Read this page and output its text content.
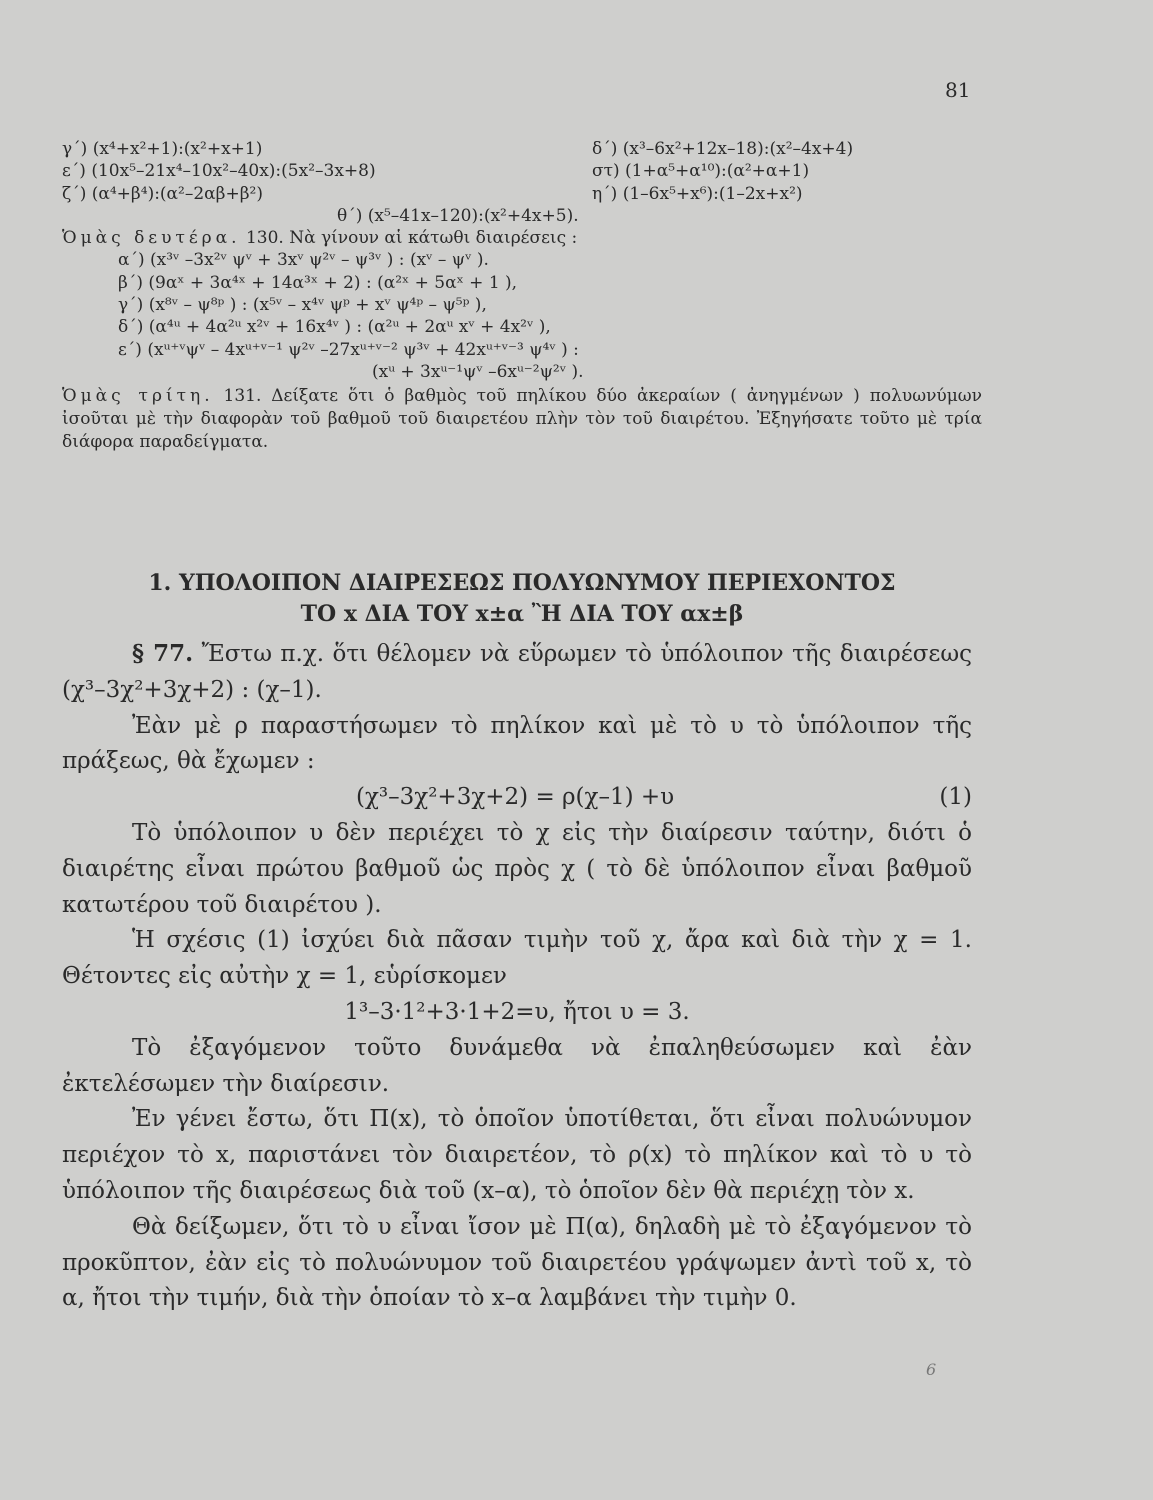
81
γ΄) (x⁴+x²+1):(x²+x+1)	δ΄) (x³–6x²+12x–18):(x²–4x+4)
ε΄) (10x⁵–21x⁴–10x²–40x):(5x²–3x+8)	στ) (1+α⁵+α¹⁰):(α²+α+1)
ζ΄) (α⁴+β⁴):(α²–2αβ+β²)	η΄) (1–6x⁵+x⁶):(1–2x+x²)
θ΄) (x⁵–41x–120):(x²+4x+5).
Ὁμὰς δευτέρα. 130. Νὰ γίνουν αἱ κάτωθι διαιρέσεις :
α΄) (x³ᵛ –3x²ᵛ ψᵛ + 3xᵛ ψ²ᵛ – ψ³ᵛ ) : (xᵛ – ψᵛ ).
β΄) (9αˣ + 3α⁴ˣ + 14α³ˣ + 2) : (α²ˣ + 5αˣ + 1 ),
γ΄) (x⁸ᵛ – ψ⁸ᵖ ) : (x⁵ᵛ – x⁴ᵛ ψᵖ + xᵛ ψ⁴ᵖ – ψ⁵ᵖ ),
δ΄) (α⁴ᵘ + 4α²ᵘ x²ᵛ + 16x⁴ᵛ ) : (α²ᵘ + 2αᵘ xᵛ + 4x²ᵛ ),
ε΄) (xᵘ⁺ᵛψᵛ – 4xᵘ⁺ᵛ⁻¹ ψ²ᵛ –27xᵘ⁺ᵛ⁻² ψ³ᵛ + 42xᵘ⁺ᵛ⁻³ ψ⁴ᵛ ) :
(xᵘ + 3xᵘ⁻¹ψᵛ –6xᵘ⁻²ψ²ᵛ ).
Ὁμὰς τρίτη. 131. Δείξατε ὅτι ὁ βαθμὸς τοῦ πηλίκου δύο ἀκεραίων ( ἀνηγμένων ) πολυωνύμων ἰσοῦται μὲ τὴν διαφορὰν τοῦ βαθμοῦ τοῦ διαιρετέου πλὴν τὸν τοῦ διαιρέτου. Ἐξηγήσατε τοῦτο μὲ τρία διάφορα παραδείγματα.
1. ΥΠΟΛΟΙΠΟΝ ΔΙΑΙΡΕΣΕΩΣ ΠΟΛΥΩΝΥΜΟΥ ΠΕΡΙΕΧΟΝΤΟΣ
ΤΟ x ΔΙΑ ΤΟΥ x±α Ἢ ΔΙΑ ΤΟΥ αx±β

§ 77. Ἔστω π.χ. ὅτι θέλομεν νὰ εὕρωμεν τὸ ὑπόλοιπον τῆς διαιρέσεως (χ³–3χ²+3χ+2) : (χ–1).

Ἐὰν μὲ ρ παραστήσωμεν τὸ πηλίκον καὶ μὲ τὸ υ τὸ ὑπόλοιπον τῆς πράξεως, θὰ ἔχωμεν :

(χ³–3χ²+3χ+2) = ρ(χ–1) +υ	(1)

Τὸ ὑπόλοιπον υ δὲν περιέχει τὸ χ εἰς τὴν διαίρεσιν ταύτην, διότι ὁ διαιρέτης εἶναι πρώτου βαθμοῦ ὡς πρὸς χ ( τὸ δὲ ὑπόλοιπον εἶναι βαθμοῦ κατωτέρου τοῦ διαιρέτου ).

Ἡ σχέσις (1) ἰσχύει διὰ πᾶσαν τιμὴν τοῦ χ, ἄρα καὶ διὰ τὴν χ = 1. Θέτοντες εἰς αὐτὴν χ = 1, εὑρίσκομεν

1³–3·1²+3·1+2=υ, ἤτοι υ = 3.

Τὸ ἐξαγόμενον τοῦτο δυνάμεθα νὰ ἐπαληθεύσωμεν καὶ ἐὰν ἐκτελέσωμεν τὴν διαίρεσιν.

Ἐν γένει ἔστω, ὅτι Π(x), τὸ ὁποῖον ὑποτίθεται, ὅτι εἶναι πολυώνυμον περιέχον τὸ x, παριστάνει τὸν διαιρετέον, τὸ ρ(x) τὸ πηλίκον καὶ τὸ υ τὸ ὑπόλοιπον τῆς διαιρέσεως διὰ τοῦ (x–α), τὸ ὁποῖον δὲν θὰ περιέχῃ τὸν x.

Θὰ δείξωμεν, ὅτι τὸ υ εἶναι ἴσον μὲ Π(α), δηλαδὴ μὲ τὸ ἐξαγόμενον τὸ προκῦπτον, ἐὰν εἰς τὸ πολυώνυμον τοῦ διαιρετέου γράψωμεν ἀντὶ τοῦ x, τὸ α, ἤτοι τὴν τιμήν, διὰ τὴν ὁποίαν τὸ x–α λαμβάνει τὴν τιμὴν 0.

6
